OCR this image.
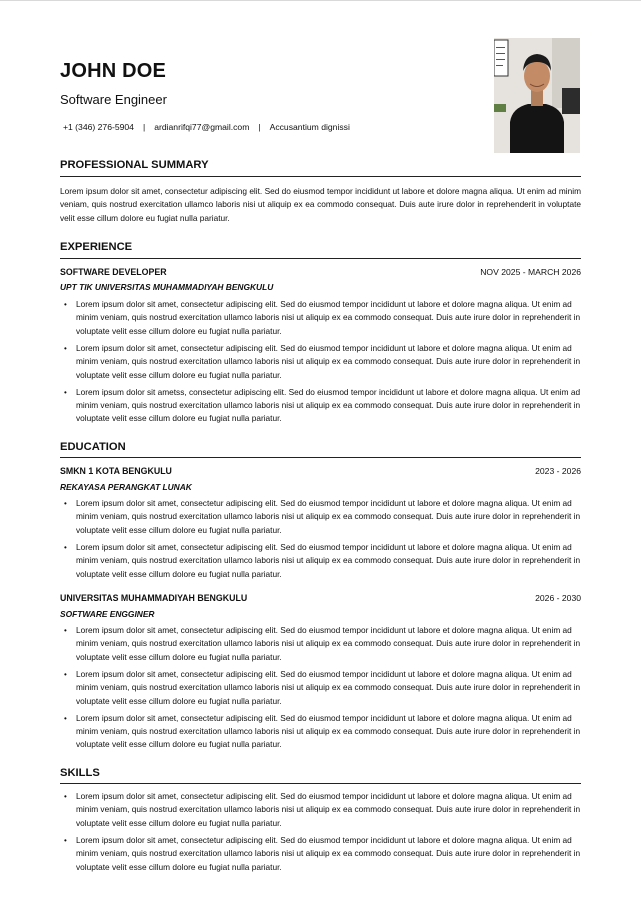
JOHN DOE
Software Engineer
+1 (346) 276-5904 | ardianrifqi77@gmail.com | Accusantium dignissi
PROFESSIONAL SUMMARY
Lorem ipsum dolor sit amet, consectetur adipiscing elit. Sed do eiusmod tempor incididunt ut labore et dolore magna aliqua. Ut enim ad minim veniam, quis nostrud exercitation ullamco laboris nisi ut aliquip ex ea commodo consequat. Duis aute irure dolor in reprehenderit in voluptate velit esse cillum dolore eu fugiat nulla pariatur.
EXPERIENCE
SOFTWARE DEVELOPER	NOV 2025 - MARCH 2026
UPT TIK UNIVERSITAS MUHAMMADIYAH BENGKULU
• Lorem ipsum dolor sit amet, consectetur adipiscing elit. Sed do eiusmod tempor incididunt ut labore et dolore magna aliqua. Ut enim ad minim veniam, quis nostrud exercitation ullamco laboris nisi ut aliquip ex ea commodo consequat. Duis aute irure dolor in reprehenderit in voluptate velit esse cillum dolore eu fugiat nulla pariatur.
• Lorem ipsum dolor sit amet, consectetur adipiscing elit. Sed do eiusmod tempor incididunt ut labore et dolore magna aliqua. Ut enim ad minim veniam, quis nostrud exercitation ullamco laboris nisi ut aliquip ex ea commodo consequat. Duis aute irure dolor in reprehenderit in voluptate velit esse cillum dolore eu fugiat nulla pariatur.
• Lorem ipsum dolor sit ametss, consectetur adipiscing elit. Sed do eiusmod tempor incididunt ut labore et dolore magna aliqua. Ut enim ad minim veniam, quis nostrud exercitation ullamco laboris nisi ut aliquip ex ea commodo consequat. Duis aute irure dolor in reprehenderit in voluptate velit esse cillum dolore eu fugiat nulla pariatur.
EDUCATION
SMKN 1 KOTA BENGKULU	2023 - 2026
REKAYASA PERANGKAT LUNAK
• Lorem ipsum dolor sit amet, consectetur adipiscing elit. Sed do eiusmod tempor incididunt ut labore et dolore magna aliqua. Ut enim ad minim veniam, quis nostrud exercitation ullamco laboris nisi ut aliquip ex ea commodo consequat. Duis aute irure dolor in reprehenderit in voluptate velit esse cillum dolore eu fugiat nulla pariatur.
• Lorem ipsum dolor sit amet, consectetur adipiscing elit. Sed do eiusmod tempor incididunt ut labore et dolore magna aliqua. Ut enim ad minim veniam, quis nostrud exercitation ullamco laboris nisi ut aliquip ex ea commodo consequat. Duis aute irure dolor in reprehenderit in voluptate velit esse cillum dolore eu fugiat nulla pariatur.
UNIVERSITAS MUHAMMADIYAH BENGKULU	2026 - 2030
SOFTWARE ENGGINER
• Lorem ipsum dolor sit amet, consectetur adipiscing elit. Sed do eiusmod tempor incididunt ut labore et dolore magna aliqua. Ut enim ad minim veniam, quis nostrud exercitation ullamco laboris nisi ut aliquip ex ea commodo consequat. Duis aute irure dolor in reprehenderit in voluptate velit esse cillum dolore eu fugiat nulla pariatur.
• Lorem ipsum dolor sit amet, consectetur adipiscing elit. Sed do eiusmod tempor incididunt ut labore et dolore magna aliqua. Ut enim ad minim veniam, quis nostrud exercitation ullamco laboris nisi ut aliquip ex ea commodo consequat. Duis aute irure dolor in reprehenderit in voluptate velit esse cillum dolore eu fugiat nulla pariatur.
• Lorem ipsum dolor sit amet, consectetur adipiscing elit. Sed do eiusmod tempor incididunt ut labore et dolore magna aliqua. Ut enim ad minim veniam, quis nostrud exercitation ullamco laboris nisi ut aliquip ex ea commodo consequat. Duis aute irure dolor in reprehenderit in voluptate velit esse cillum dolore eu fugiat nulla pariatur.
SKILLS
• Lorem ipsum dolor sit amet, consectetur adipiscing elit. Sed do eiusmod tempor incididunt ut labore et dolore magna aliqua. Ut enim ad minim veniam, quis nostrud exercitation ullamco laboris nisi ut aliquip ex ea commodo consequat. Duis aute irure dolor in reprehenderit in voluptate velit esse cillum dolore eu fugiat nulla pariatur.
• Lorem ipsum dolor sit amet, consectetur adipiscing elit. Sed do eiusmod tempor incididunt ut labore et dolore magna aliqua. Ut enim ad minim veniam, quis nostrud exercitation ullamco laboris nisi ut aliquip ex ea commodo consequat. Duis aute irure dolor in reprehenderit in voluptate velit esse cillum dolore eu fugiat nulla pariatur.
